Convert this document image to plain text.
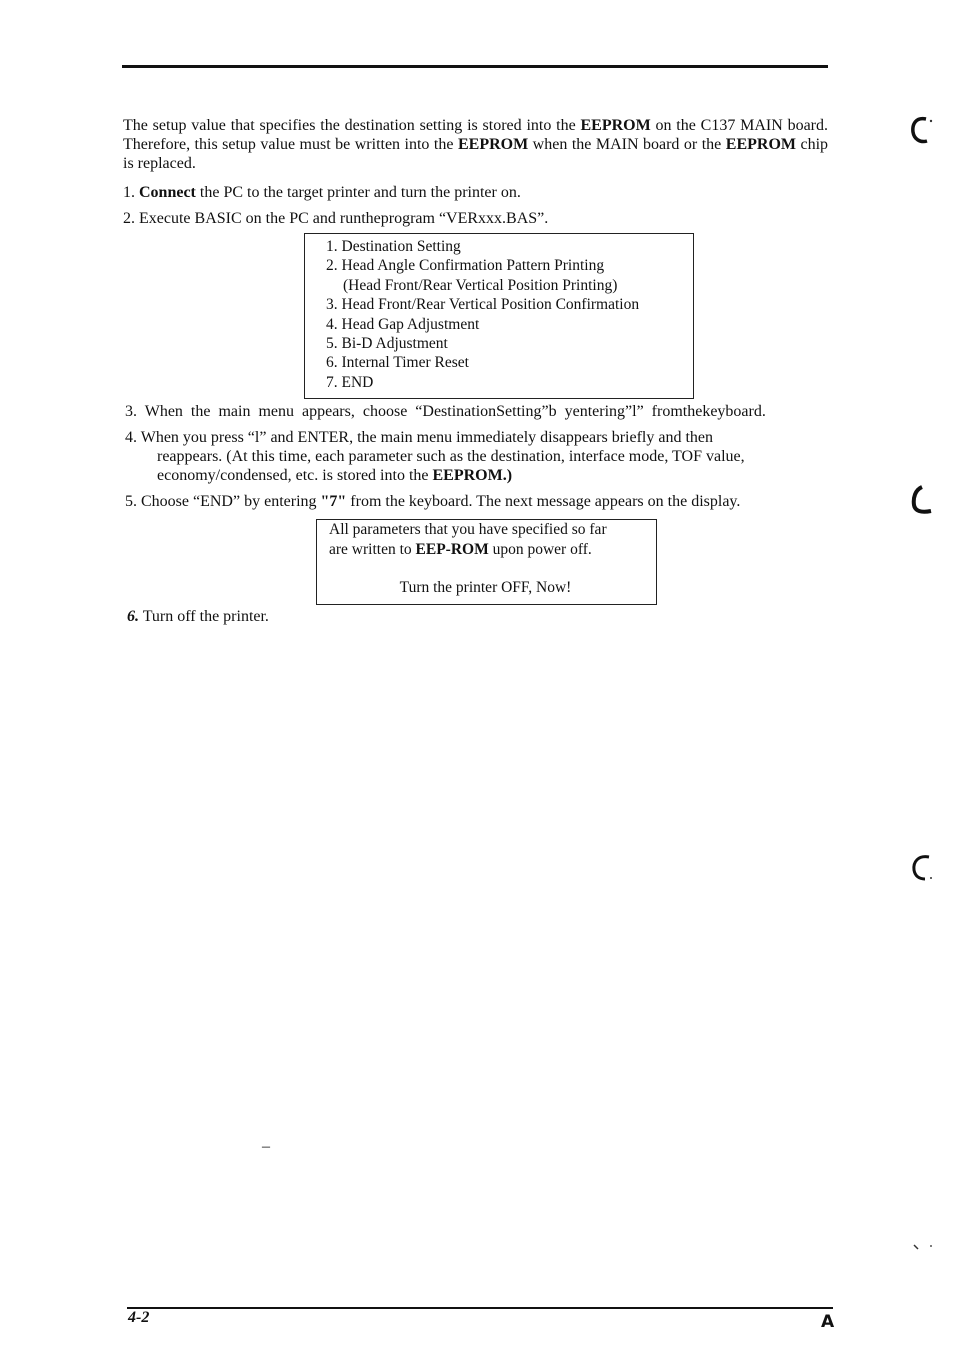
The setup value that specifies the destination setting is stored into the EEPROM on the C137 MAIN board. Therefore, this setup value must be written into the EEPROM when the MAIN board or the EEPROM chip is replaced.
1. Connect the PC to the target printer and turn the printer on.
2. Execute BASIC on the PC and runtheprogram “VERxxx.BAS”.
1. Destination Setting
2. Head Angle Confirmation Pattern Printing
(Head Front/Rear Vertical Position Printing)
3. Head Front/Rear Vertical Position Confirmation
4. Head Gap Adjustment
5. Bi-D Adjustment
6. Internal Timer Reset
7. END
3.  When  the  main  menu  appears,  choose  “DestinationSetting”b  yentering”l”  fromthekeyboard.
4. When you press “l” and ENTER, the main menu immediately disappears briefly and then
reappears. (At this time, each parameter such as the destination, interface mode, TOF value,
economy/condensed, etc. is stored into the EEPROM.)
5. Choose “END” by entering "7" from the keyboard. The next message appears on the display.
All parameters that you have specified so far
are written to EEP-ROM upon power off.
Turn the printer OFF, Now!
6. Turn off the printer.
–
4-2	A
